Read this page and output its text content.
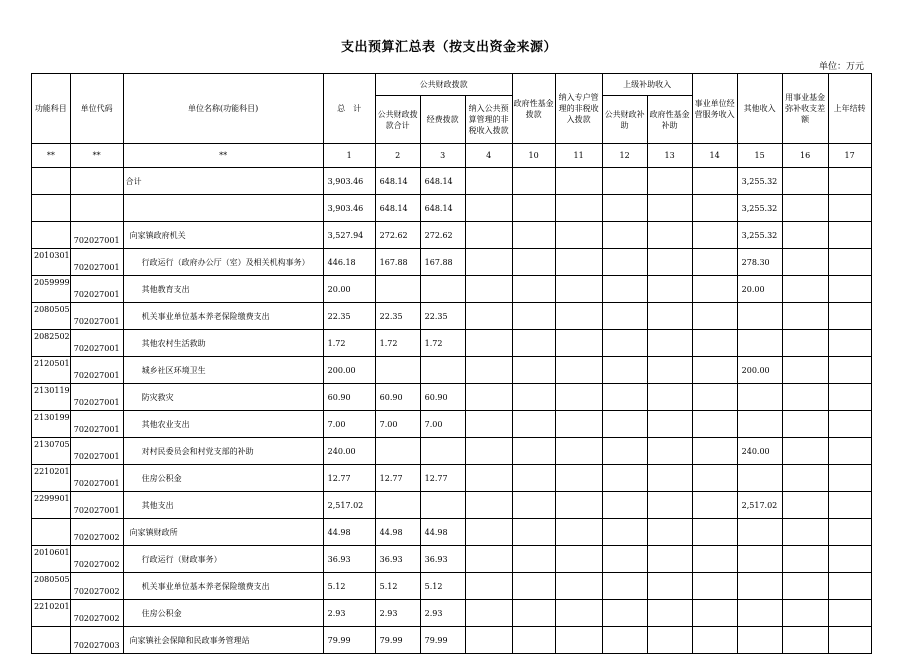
支出预算汇总表（按支出资金来源）
单位：万元
功能科目	单位代码	单位名称(功能科目)	总　计	公共财政拨款			政府性基金拨款	纳入专户管理的非税收入拨款	上级补助收入		事业单位经营服务收入	其他收入	用事业基金弥补收支差额	上年结转
				公共财政拨款合计	经费拨款	纳入公共预算管理的非税收入拨款			公共财政补助	政府性基金补助				
**	**	**	1	2	3	4	10	11	12	13	14	15	16	17
		合计	3,903.46	648.14	648.14							3,255.32		
			3,903.46	648.14	648.14							3,255.32		
	702027001	向家镇政府机关	3,527.94	272.62	272.62							3,255.32		
2010301	702027001	行政运行（政府办公厅（室）及相关机构事务）	446.18	167.88	167.88							278.30		
2059999	702027001	其他教育支出	20.00									20.00		
2080505	702027001	机关事业单位基本养老保险缴费支出	22.35	22.35	22.35									
2082502	702027001	其他农村生活救助	1.72	1.72	1.72									
2120501	702027001	城乡社区环境卫生	200.00									200.00		
2130119	702027001	防灾救灾	60.90	60.90	60.90									
2130199	702027001	其他农业支出	7.00	7.00	7.00									
2130705	702027001	对村民委员会和村党支部的补助	240.00									240.00		
2210201	702027001	住房公积金	12.77	12.77	12.77									
2299901	702027001	其他支出	2,517.02									2,517.02		
	702027002	向家镇财政所	44.98	44.98	44.98									
2010601	702027002	行政运行（财政事务）	36.93	36.93	36.93									
2080505	702027002	机关事业单位基本养老保险缴费支出	5.12	5.12	5.12									
2210201	702027002	住房公积金	2.93	2.93	2.93									
	702027003	向家镇社会保障和民政事务管理站	79.99	79.99	79.99									
